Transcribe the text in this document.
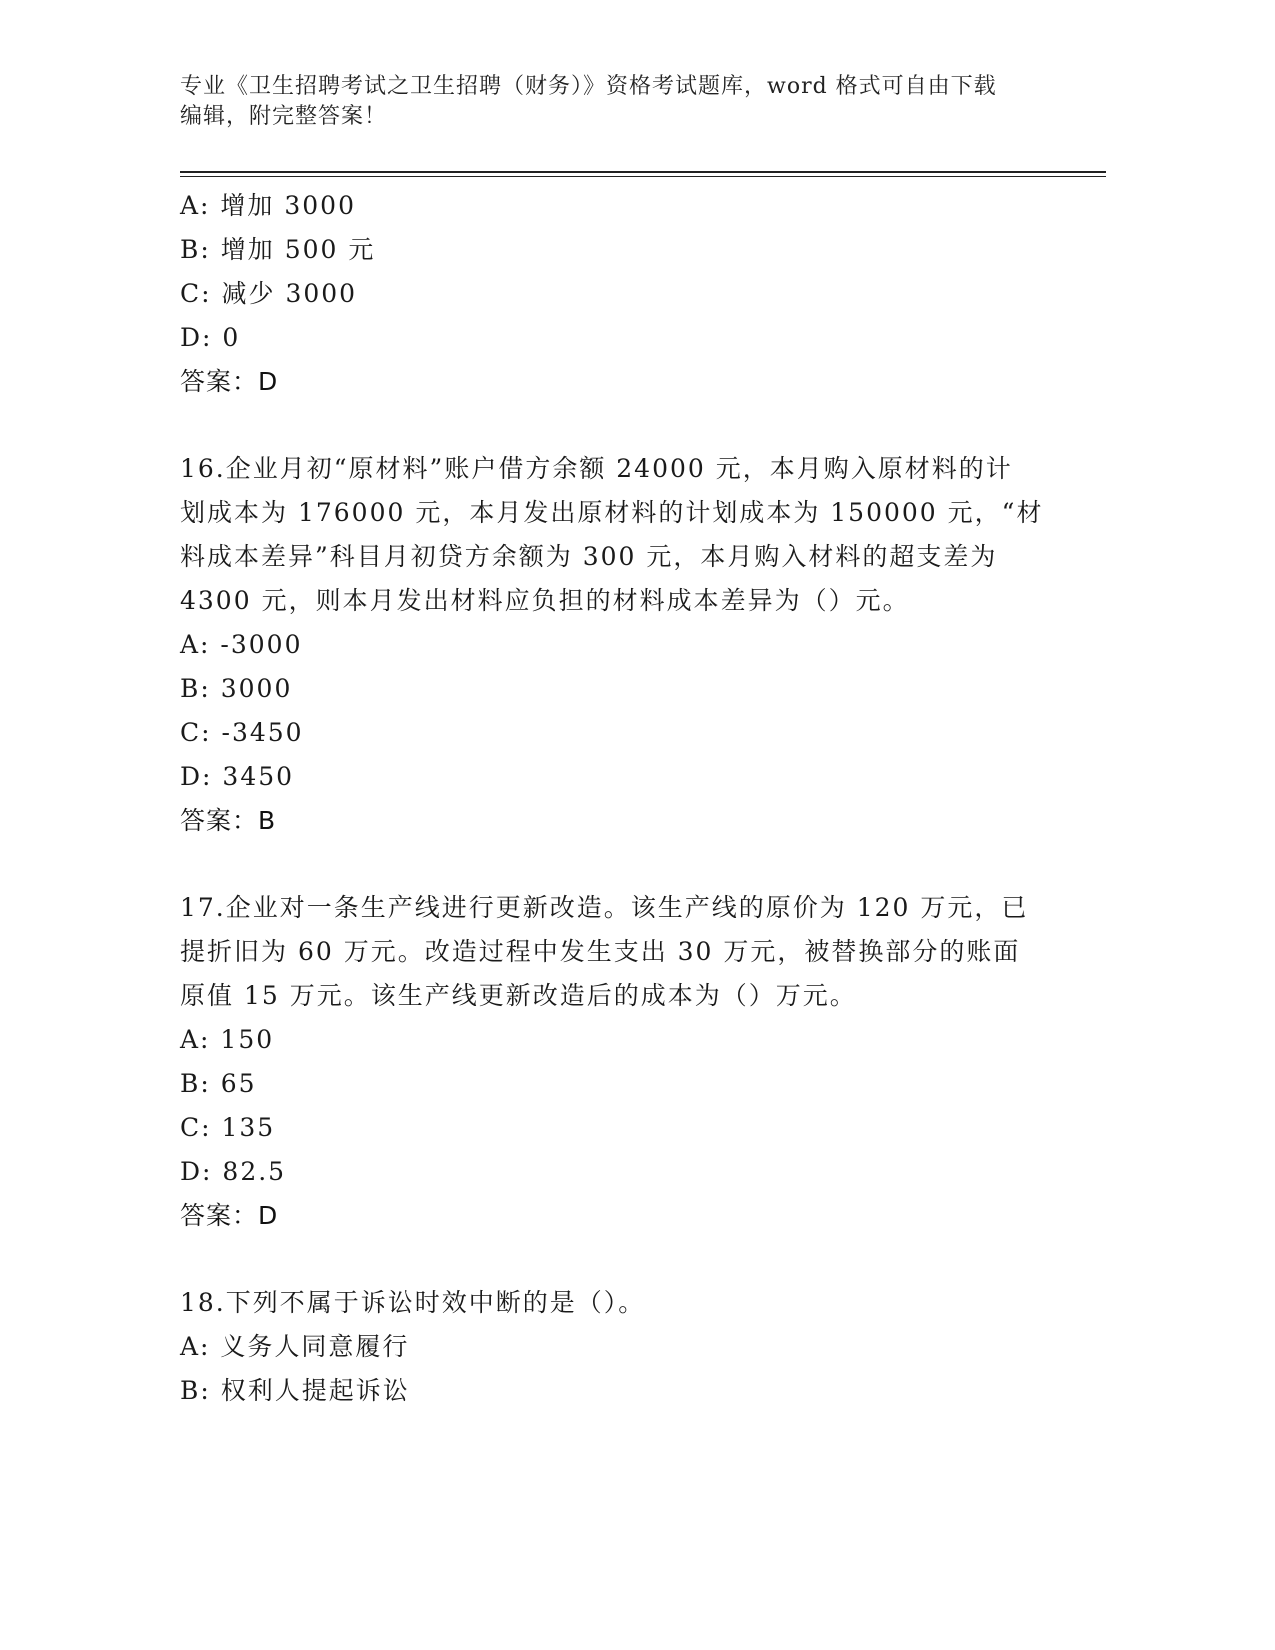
专业《卫生招聘考试之卫生招聘（财务）》资格考试题库，word 格式可自由下载
编辑，附完整答案！
A: 增加 3000
B: 增加 500 元
C: 减少 3000
D: 0
答案：D
16.企业月初“原材料”账户借方余额 24000 元，本月购入原材料的计
划成本为 176000 元，本月发出原材料的计划成本为 150000 元，“材
料成本差异”科目月初贷方余额为 300 元，本月购入材料的超支差为
4300 元，则本月发出材料应负担的材料成本差异为（）元。
A: -3000
B: 3000
C: -3450
D: 3450
答案：B
17.企业对一条生产线进行更新改造。该生产线的原价为 120 万元，已
提折旧为 60 万元。改造过程中发生支出 30 万元，被替换部分的账面
原值 15 万元。该生产线更新改造后的成本为（）万元。
A: 150
B: 65
C: 135
D: 82.5
答案：D
18.下列不属于诉讼时效中断的是（）。
A: 义务人同意履行
B: 权利人提起诉讼
